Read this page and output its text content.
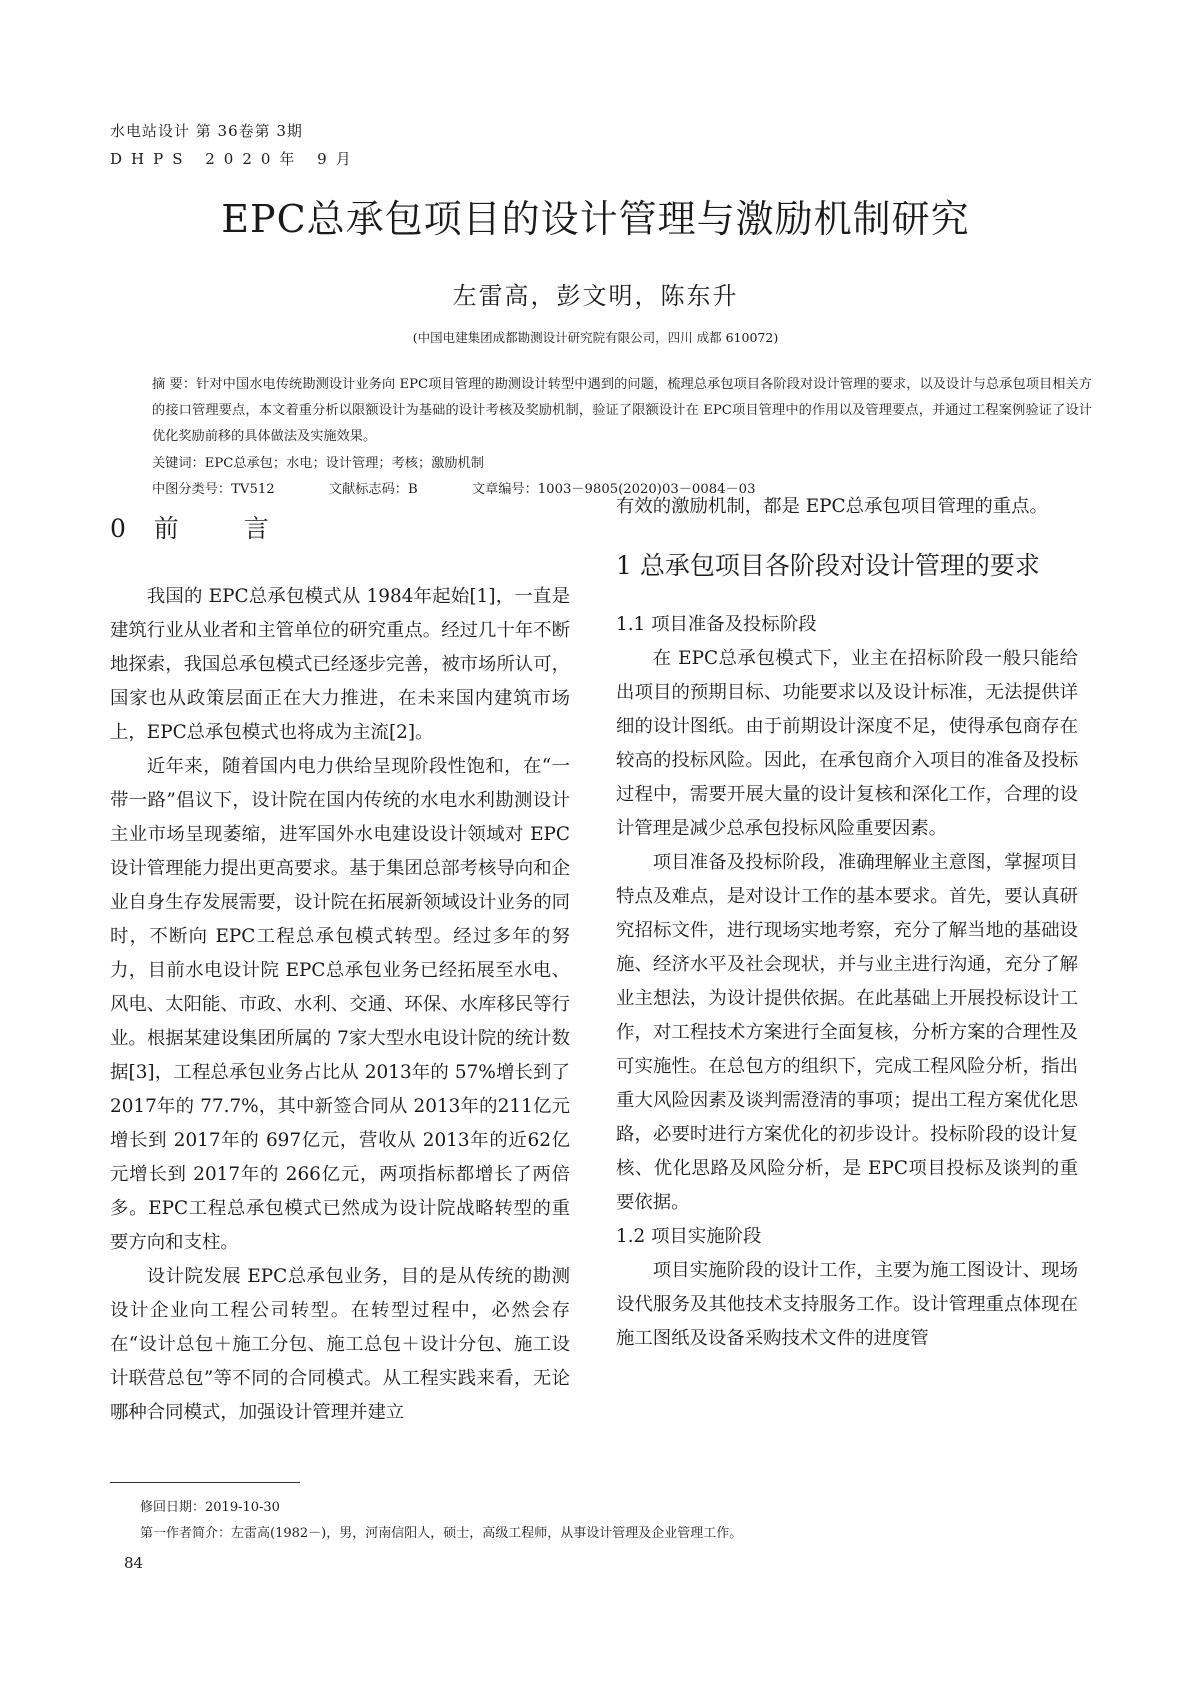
水电站设计 第 36卷第 3期
DHPS 2020年 9月
EPC总承包项目的设计管理与激励机制研究
左雷高，彭文明，陈东升
(中国电建集团成都勘测设计研究院有限公司，四川 成都 610072)
摘 要：针对中国水电传统勘测设计业务向 EPC项目管理的勘测设计转型中遇到的问题，梳理总承包项目各阶段对设计管理的要求，以及设计与总承包项目相关方的接口管理要点，本文着重分析以限额设计为基础的设计考核及奖励机制，验证了限额设计在 EPC项目管理中的作用以及管理要点，并通过工程案例验证了设计优化奖励前移的具体做法及实施效果。
关键词：EPC总承包；水电；设计管理；考核；激励机制
中图分类号：TV512	文献标志码：B	文章编号：1003－9805(2020)03－0084－03
0 前	言

我国的 EPC总承包模式从 1984年起始[1]，一直是建筑行业从业者和主管单位的研究重点。经过几十年不断地探索，我国总承包模式已经逐步完善，被市场所认可，国家也从政策层面正在大力推进，在未来国内建筑市场上，EPC总承包模式也将成为主流[2]。

近年来，随着国内电力供给呈现阶段性饱和，在“一带一路”倡议下，设计院在国内传统的水电水利勘测设计主业市场呈现萎缩，进军国外水电建设设计领域对 EPC设计管理能力提出更高要求。基于集团总部考核导向和企业自身生存发展需要，设计院在拓展新领域设计业务的同时，不断向 EPC工程总承包模式转型。经过多年的努力，目前水电设计院 EPC总承包业务已经拓展至水电、风电、太阳能、市政、水利、交通、环保、水库移民等行业。根据某建设集团所属的 7家大型水电设计院的统计数据[3]，工程总承包业务占比从 2013年的 57%增长到了2017年的 77.7%，其中新签合同从 2013年的211亿元增长到 2017年的 697亿元，营收从 2013年的近62亿元增长到 2017年的 266亿元，两项指标都增长了两倍多。EPC工程总承包模式已然成为设计院战略转型的重要方向和支柱。

设计院发展 EPC总承包业务，目的是从传统的勘测设计企业向工程公司转型。在转型过程中，必然会存在“设计总包＋施工分包、施工总包＋设计分包、施工设计联营总包”等不同的合同模式。从工程实践来看，无论哪种合同模式，加强设计管理并建立

有效的激励机制，都是 EPC总承包项目管理的重点。

1 总承包项目各阶段对设计管理的要求
1.1 项目准备及投标阶段

在 EPC总承包模式下，业主在招标阶段一般只能给出项目的预期目标、功能要求以及设计标准，无法提供详细的设计图纸。由于前期设计深度不足，使得承包商存在较高的投标风险。因此，在承包商介入项目的准备及投标过程中，需要开展大量的设计复核和深化工作，合理的设计管理是减少总承包投标风险重要因素。

项目准备及投标阶段，准确理解业主意图，掌握项目特点及难点，是对设计工作的基本要求。首先，要认真研究招标文件，进行现场实地考察，充分了解当地的基础设施、经济水平及社会现状，并与业主进行沟通，充分了解业主想法，为设计提供依据。在此基础上开展投标设计工作，对工程技术方案进行全面复核，分析方案的合理性及可实施性。在总包方的组织下，完成工程风险分析，指出重大风险因素及谈判需澄清的事项；提出工程方案优化思路，必要时进行方案优化的初步设计。投标阶段的设计复核、优化思路及风险分析，是 EPC项目投标及谈判的重要依据。

1.2 项目实施阶段

项目实施阶段的设计工作，主要为施工图设计、现场设代服务及其他技术支持服务工作。设计管理重点体现在施工图纸及设备采购技术文件的进度管

修回日期：2019-10-30
第一作者简介：左雷高(1982－)，男，河南信阳人，硕士，高级工程师，从事设计管理及企业管理工作。
84
